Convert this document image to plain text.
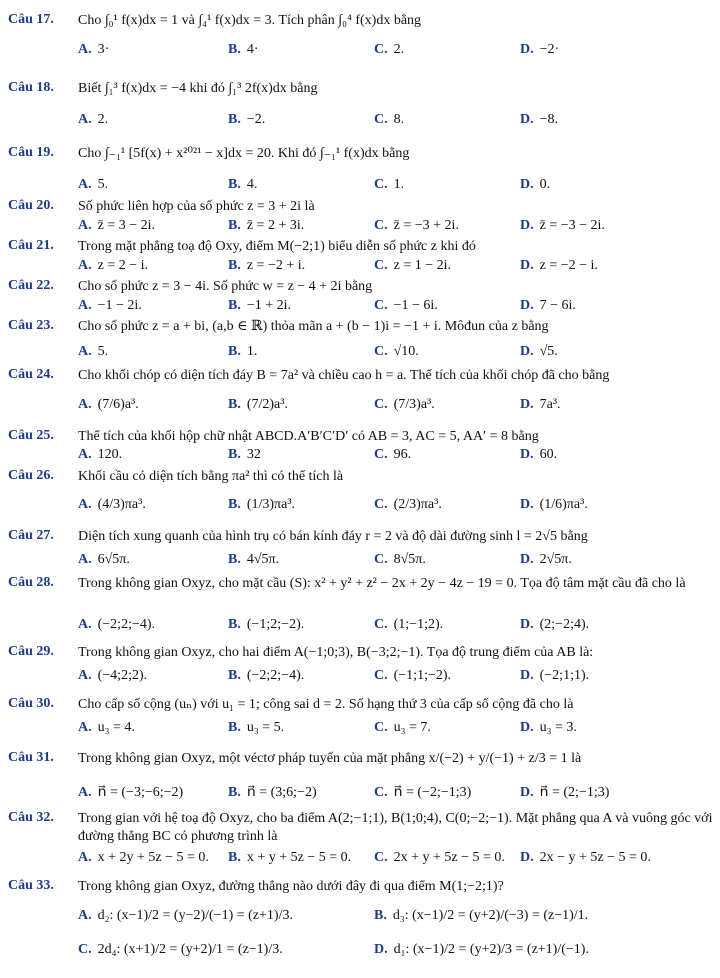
Câu 17. Cho ∫₀¹ f(x)dx = 1 và ∫₄¹ f(x)dx = 3. Tích phân ∫₀⁴ f(x)dx bằng
A. 3·	B. 4·	C. 2.	D. −2·
Câu 18. Biết ∫₁³ f(x)dx = −4 khi đó ∫₁³ 2f(x)dx bằng
A. 2.	B. −2.	C. 8.	D. −8.
Câu 19. Cho ∫₋₁¹ [5f(x) + x²⁰²¹ − x]dx = 20. Khi đó ∫₋₁¹ f(x)dx bằng
A. 5.	B. 4.	C. 1.	D. 0.
Câu 20. Số phức liên hợp của số phức z = 3 + 2i là
A. z̄ = 3 − 2i.	B. z̄ = 2 + 3i.	C. z̄ = −3 + 2i.	D. z̄ = −3 − 2i.
Câu 21. Trong mặt phẳng toạ độ Oxy, điểm M(−2;1) biểu diễn số phức z khi đó
A. z = 2 − i.	B. z = −2 + i.	C. z = 1 − 2i.	D. z = −2 − i.
Câu 22. Cho số phức z = 3 − 4i. Số phức w = z − 4 + 2i bằng
A. −1 − 2i.	B. −1 + 2i.	C. −1 − 6i.	D. 7 − 6i.
Câu 23. Cho số phức z = a + bi, (a,b ∈ ℝ) thỏa mãn a + (b − 1)i = −1 + i. Môđun của z bằng
A. 5.	B. 1.	C. √10.	D. √5.
Câu 24. Cho khối chóp có diện tích đáy B = 7a² và chiều cao h = a. Thể tích của khối chóp đã cho bằng
A. (7/6)a³.	B. (7/2)a³.	C. (7/3)a³.	D. 7a³.
Câu 25. Thể tích của khối hộp chữ nhật ABCD.A′B′C′D′ có AB = 3, AC = 5, AA′ = 8 bằng
A. 120.	B. 32	C. 96.	D. 60.
Câu 26. Khối cầu có diện tích bằng πa² thì có thể tích là
A. (4/3)πa³.	B. (1/3)πa³.	C. (2/3)πa³.	D. (1/6)πa³.
Câu 27. Diện tích xung quanh của hình trụ có bán kính đáy r = 2 và độ dài đường sinh l = 2√5 bằng
A. 6√5π.	B. 4√5π.	C. 8√5π.	D. 2√5π.
Câu 28. Trong không gian Oxyz, cho mặt cầu (S): x² + y² + z² − 2x + 2y − 4z − 19 = 0. Tọa độ tâm mặt cầu đã cho là
A. (−2;2;−4).	B. (−1;2;−2).	C. (1;−1;2).	D. (2;−2;4).
Câu 29. Trong không gian Oxyz, cho hai điểm A(−1;0;3), B(−3;2;−1). Tọa độ trung điểm của AB là:
A. (−4;2;2).	B. (−2;2;−4).	C. (−1;1;−2).	D. (−2;1;1).
Câu 30. Cho cấp số cộng (uₙ) với u₁ = 1; công sai d = 2. Số hạng thứ 3 của cấp số cộng đã cho là
A. u₃ = 4.	B. u₃ = 5.	C. u₃ = 7.	D. u₃ = 3.
Câu 31. Trong không gian Oxyz, một véctơ pháp tuyến của mặt phẳng x/(−2) + y/(−1) + z/3 = 1 là
A. n⃗ = (−3;−6;−2)	B. n⃗ = (3;6;−2)	C. n⃗ = (−2;−1;3)	D. n⃗ = (2;−1;3)
Câu 32. Trong gian với hệ toạ độ Oxyz, cho ba điểm A(2;−1;1), B(1;0;4), C(0;−2;−1). Mặt phẳng qua A và vuông góc với đường thẳng BC có phương trình là
A. x + 2y + 5z − 5 = 0. B. x + y + 5z − 5 = 0. C. 2x + y + 5z − 5 = 0. D. 2x − y + 5z − 5 = 0.
Câu 33. Trong không gian Oxyz, đường thẳng nào dưới đây đi qua điểm M(1;−2;1)?
A. d₂: (x−1)/2 = (y−2)/(−1) = (z+1)/3.	B. d₃: (x−1)/2 = (y+2)/(−3) = (z−1)/1.
C. 2d₄: (x+1)/2 = (y+2)/1 = (z−1)/3.	D. d₁: (x−1)/2 = (y+2)/3 = (z+1)/(−1).
